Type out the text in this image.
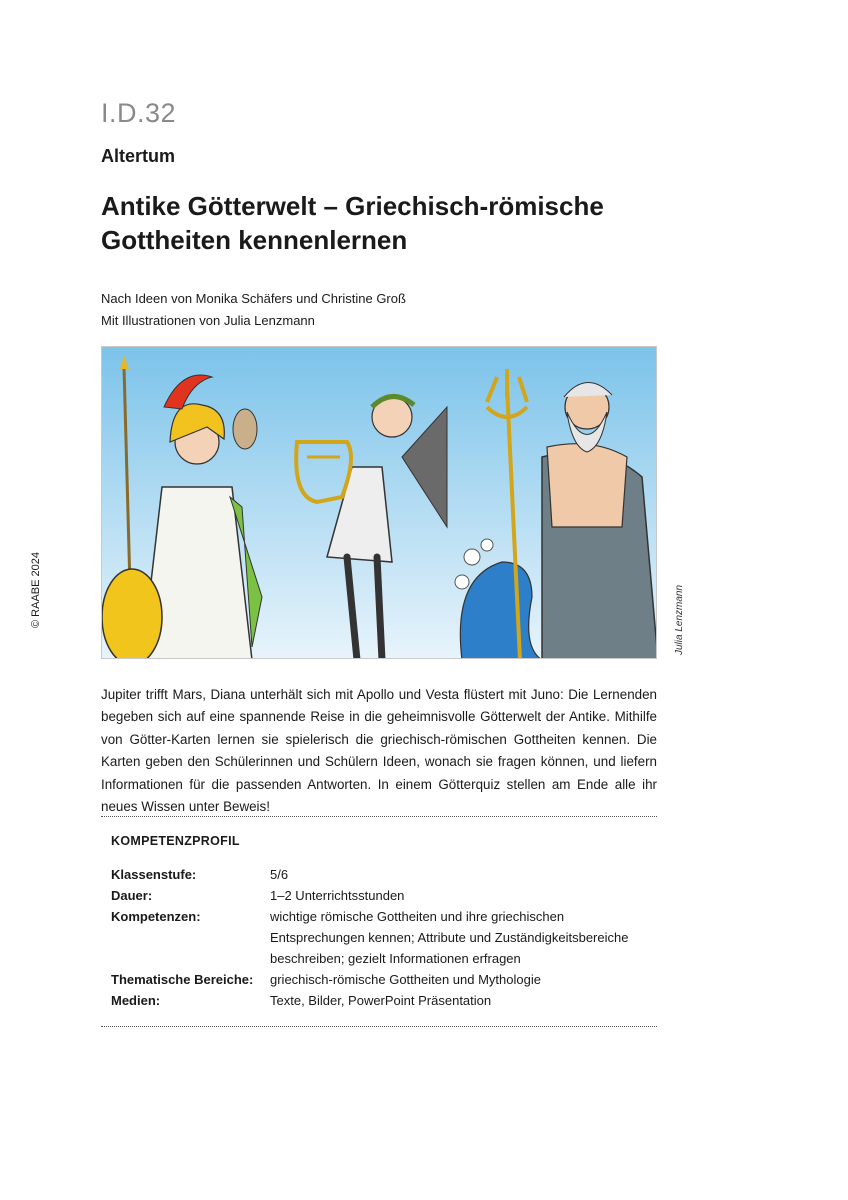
I.D.32
Altertum
Antike Götterwelt – Griechisch-römische
Gottheiten kennenlernen
Nach Ideen von Monika Schäfers und Christine Groß
Mit Illustrationen von Julia Lenzmann
© RAABE 2024	Julia Lenzmann

Jupiter trifft Mars, Diana unterhält sich mit Apollo und Vesta flüstert mit Juno: Die Lernenden begeben sich auf eine spannende Reise in die geheimnisvolle Götterwelt der Antike. Mithilfe von Götter-Karten lernen sie spielerisch die griechisch-römischen Gottheiten kennen. Die Karten geben den Schülerinnen und Schülern Ideen, wonach sie fragen können, und liefern Informationen für die passenden Antworten. In einem Götterquiz stellen am Ende alle ihr neues Wissen unter Beweis!

KOMPETENZPROFIL
Klassenstufe:	5/6
Dauer:	1–2 Unterrichtsstunden
Kompetenzen:	wichtige römische Gottheiten und ihre griechischen Entsprechungen kennen; Attribute und Zuständigkeitsbereiche beschreiben; gezielt Informationen erfragen
Thematische Bereiche:	griechisch-römische Gottheiten und Mythologie
Medien:	Texte, Bilder, PowerPoint Präsentation
